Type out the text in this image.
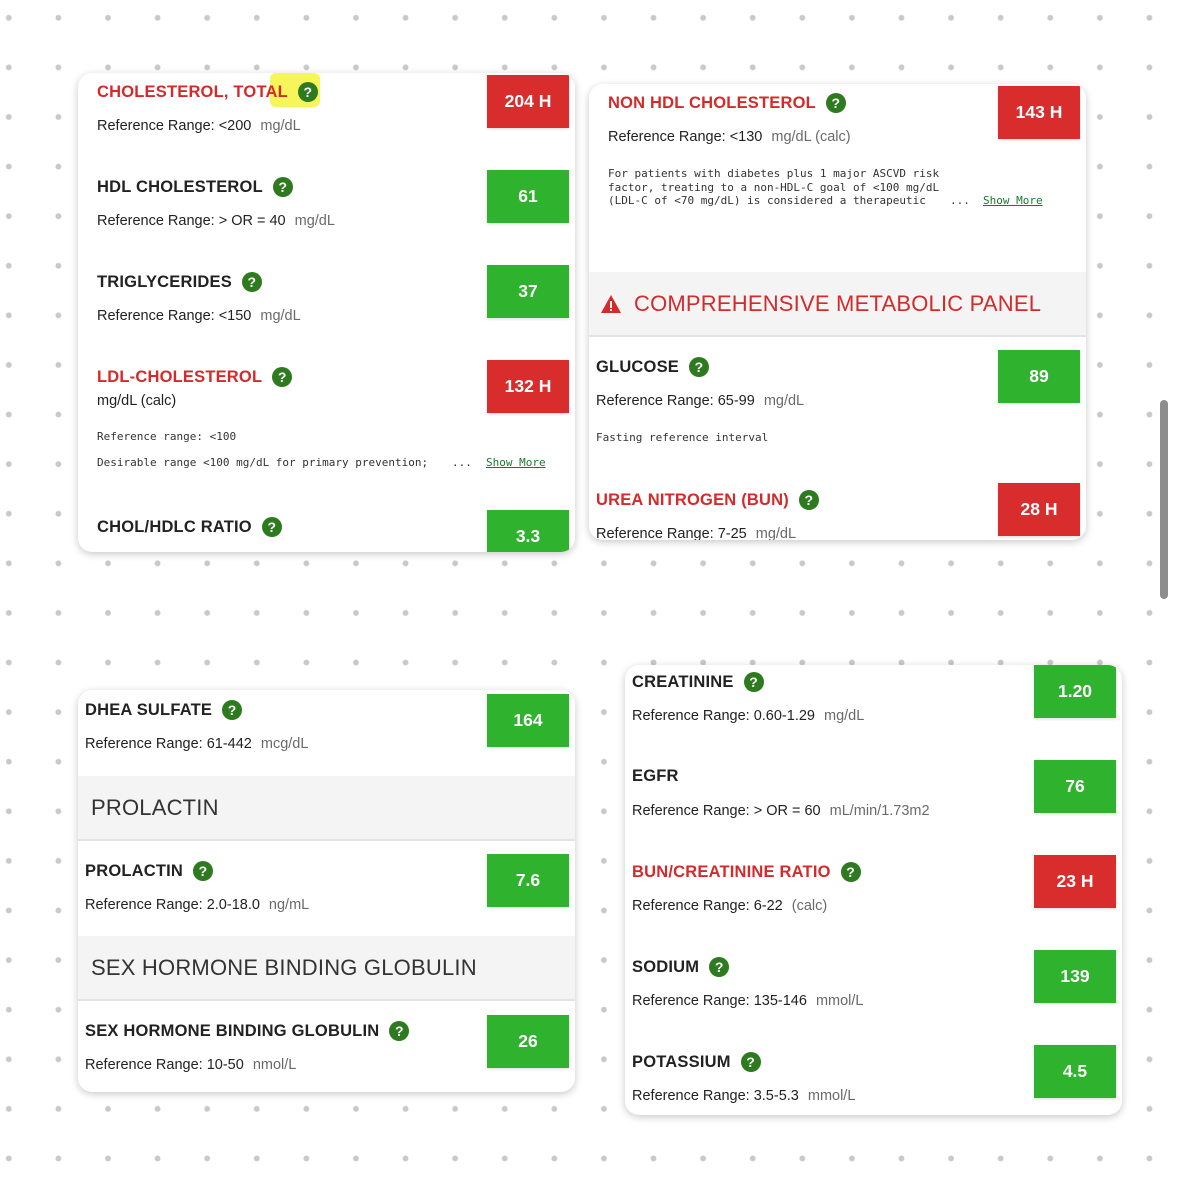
CHOLESTEROL, TOTAL	?
Reference Range: <200 mg/dL
204 H
HDL CHOLESTEROL	?
Reference Range: > OR = 40 mg/dL
61
TRIGLYCERIDES	?
Reference Range: <150 mg/dL
37
LDL-CHOLESTEROL	?
mg/dL (calc)
132 H
Reference range: <100
Desirable range <100 mg/dL for primary prevention; ... Show More
CHOL/HDLC RATIO	?	3.3
NON HDL CHOLESTEROL	?
Reference Range: <130 mg/dL (calc)
143 H
For patients with diabetes plus 1 major ASCVD risk
factor, treating to a non-HDL-C goal of <100 mg/dL
(LDL-C of <70 mg/dL) is considered a therapeutic	... Show More
COMPREHENSIVE METABOLIC PANEL
GLUCOSE	?
Reference Range: 65-99 mg/dL
89
Fasting reference interval
UREA NITROGEN (BUN)	?
Reference Range: 7-25 mg/dL
28 H
DHEA SULFATE	?
Reference Range: 61-442 mcg/dL
164
PROLACTIN
PROLACTIN	?
Reference Range: 2.0-18.0 ng/mL
7.6
SEX HORMONE BINDING GLOBULIN
SEX HORMONE BINDING GLOBULIN	?
Reference Range: 10-50 nmol/L
26
CREATININE	?
Reference Range: 0.60-1.29 mg/dL
1.20
EGFR
Reference Range: > OR = 60 mL/min/1.73m2
76
BUN/CREATININE RATIO	?
Reference Range: 6-22 (calc)
23 H
SODIUM	?
Reference Range: 135-146 mmol/L
139
POTASSIUM	?
Reference Range: 3.5-5.3 mmol/L
4.5
